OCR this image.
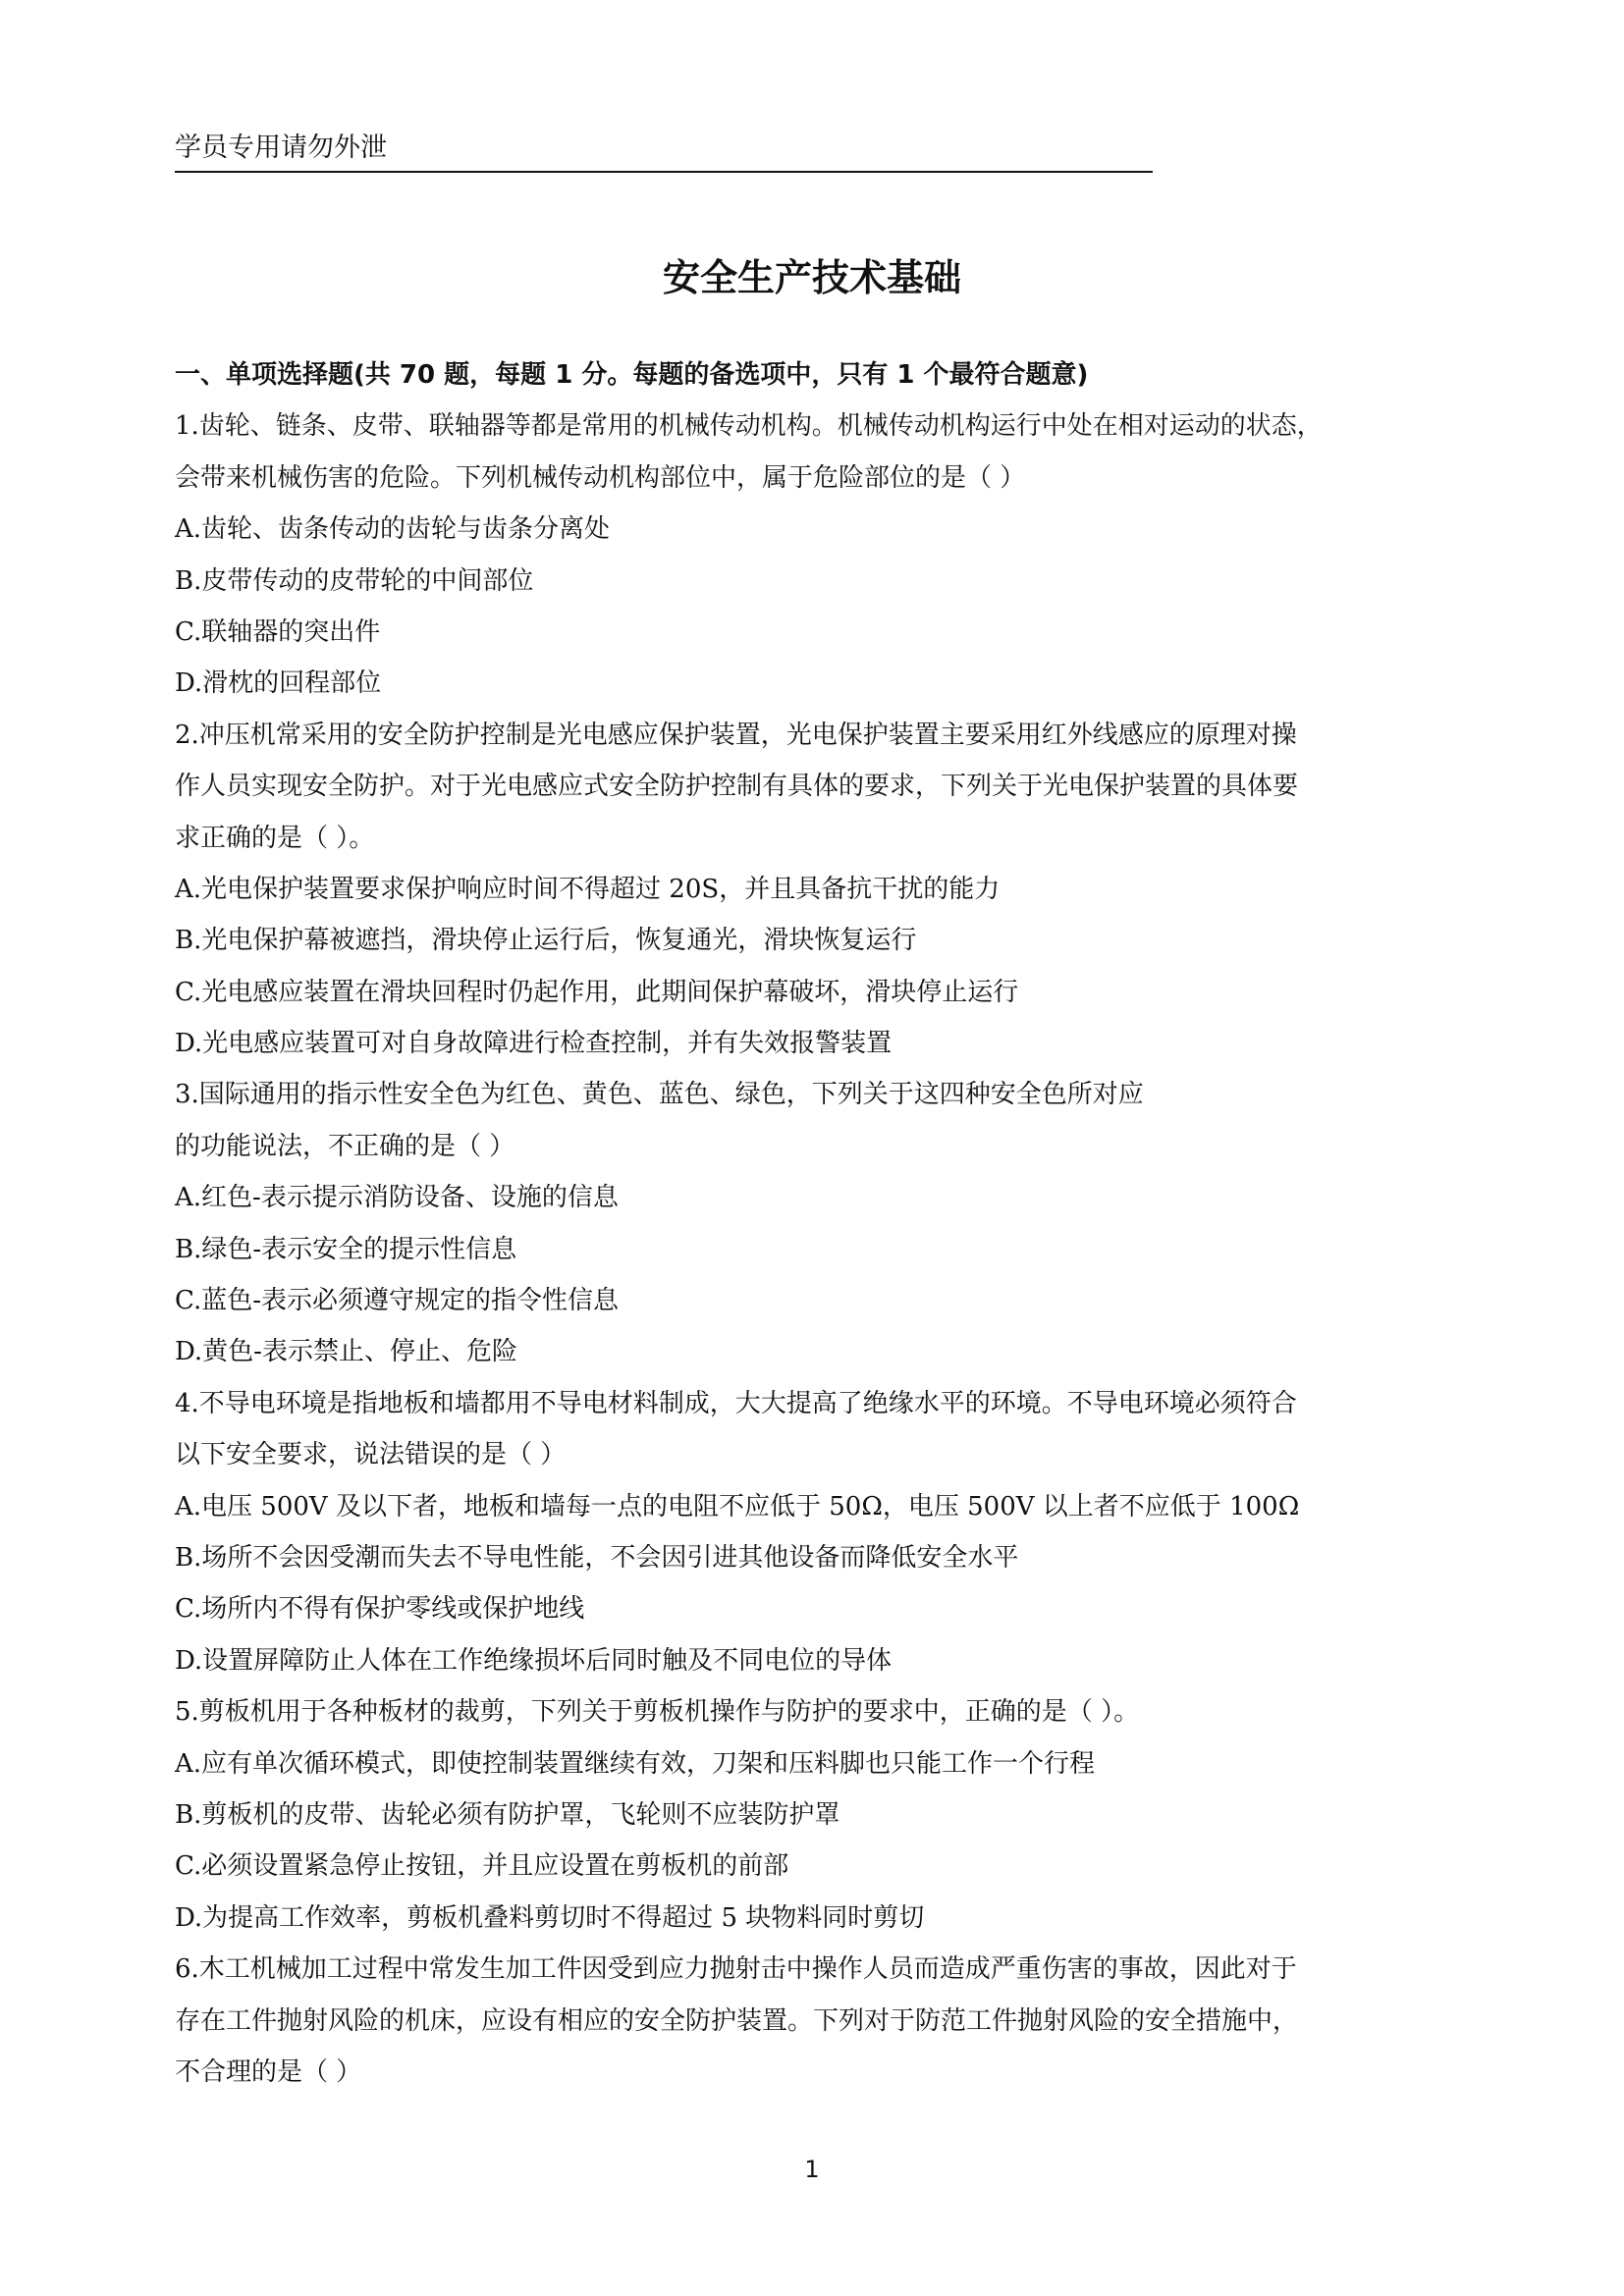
学员专用请勿外泄
安全生产技术基础
一、单项选择题(共 70 题，每题 1 分。每题的备选项中，只有 1 个最符合题意)
1.齿轮、链条、皮带、联轴器等都是常用的机械传动机构。机械传动机构运行中处在相对运动的状态，
会带来机械伤害的危险。下列机械传动机构部位中，属于危险部位的是（ ）
A.齿轮、齿条传动的齿轮与齿条分离处
B.皮带传动的皮带轮的中间部位
C.联轴器的突出件
D.滑枕的回程部位
2.冲压机常采用的安全防护控制是光电感应保护装置，光电保护装置主要采用红外线感应的原理对操
作人员实现安全防护。对于光电感应式安全防护控制有具体的要求，下列关于光电保护装置的具体要
求正确的是（ ）。
A.光电保护装置要求保护响应时间不得超过 20S，并且具备抗干扰的能力
B.光电保护幕被遮挡，滑块停止运行后，恢复通光，滑块恢复运行
C.光电感应装置在滑块回程时仍起作用，此期间保护幕破坏，滑块停止运行
D.光电感应装置可对自身故障进行检查控制，并有失效报警装置
3.国际通用的指示性安全色为红色、黄色、蓝色、绿色，下列关于这四种安全色所对应
的功能说法，不正确的是（ ）
A.红色-表示提示消防设备、设施的信息
B.绿色-表示安全的提示性信息
C.蓝色-表示必须遵守规定的指令性信息
D.黄色-表示禁止、停止、危险
4.不导电环境是指地板和墙都用不导电材料制成，大大提高了绝缘水平的环境。不导电环境必须符合
以下安全要求，说法错误的是（ ）
A.电压 500V 及以下者，地板和墙每一点的电阻不应低于 50Ω，电压 500V 以上者不应低于 100Ω
B.场所不会因受潮而失去不导电性能，不会因引进其他设备而降低安全水平
C.场所内不得有保护零线或保护地线
D.设置屏障防止人体在工作绝缘损坏后同时触及不同电位的导体
5.剪板机用于各种板材的裁剪，下列关于剪板机操作与防护的要求中，正确的是（ ）。
A.应有单次循环模式，即使控制装置继续有效，刀架和压料脚也只能工作一个行程
B.剪板机的皮带、齿轮必须有防护罩，飞轮则不应装防护罩
C.必须设置紧急停止按钮，并且应设置在剪板机的前部
D.为提高工作效率，剪板机叠料剪切时不得超过 5 块物料同时剪切
6.木工机械加工过程中常发生加工件因受到应力抛射击中操作人员而造成严重伤害的事故，因此对于
存在工件抛射风险的机床，应设有相应的安全防护装置。下列对于防范工件抛射风险的安全措施中，
不合理的是（ ）
1
